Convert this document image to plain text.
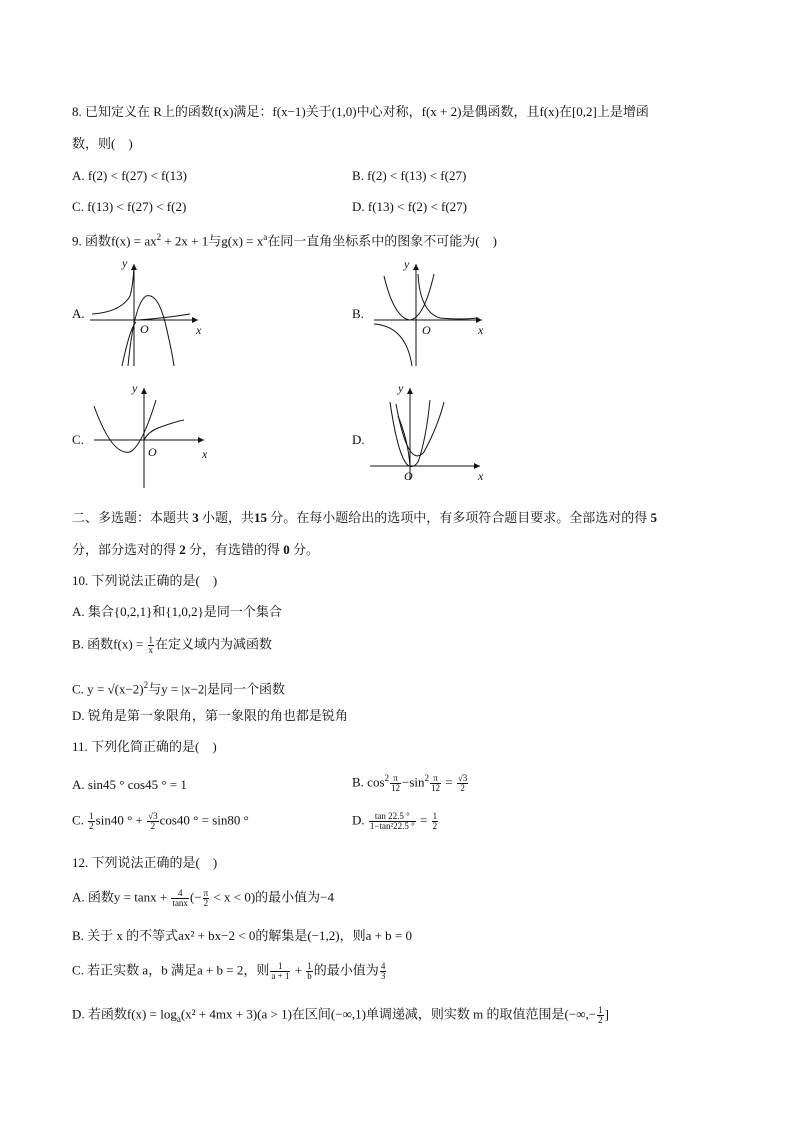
8. 已知定义在 R上的函数f(x)满足：f(x−1)关于(1,0)中心对称，f(x + 2)是偶函数，且f(x)在[0,2]上是增函
数，则(　)
A. f(2) < f(27) < f(13)	B. f(2) < f(13) < f(27)
C. f(13) < f(27) < f(2)	D. f(13) < f(2) < f(27)
9. 函数$f(x) = ax^2 + 2x + 1$与$g(x) = x^a$在同一直角坐标系中的图象不可能为(　)
A.
y
O	x
B.
y
O	x
C.
y
O	x
D.
y
O	x
二、多选题：本题共 3 小题，共15 分。在每小题给出的选项中，有多项符合题目要求。全部选对的得 5
分，部分选对的得 2 分，有选错的得 0 分。
10. 下列说法正确的是(　)
A. 集合{0,2,1}和{1,0,2}是同一个集合
B. 函数$f(x) = \frac{1}{x}$ 在定义域内为减函数
C. $y = √(x-2)^2$与y = |x−2|是同一个函数
D. 锐角是第一象限角，第一象限的角也都是锐角
11. 下列化简正确的是(　)
A. sin45 ° cos45 ° = 1	B. $\cos^2 \frac{\pi}{12} -\sin^2 \frac{\pi}{12} = \frac{√3}{2}$
C. $\frac{1}{2} \sin 40$ ° + $\frac{√3}{2} \cos 40$ ° = sin80 °	D. $\frac{\tan 22.5 ^\circ}{\text{1−tan²22.5 °}} = \frac{1}{2}$
12. 下列说法正确的是(　)
A. 函数$y = \tan x + \frac{4}{\tan x}$ (− $\frac{\pi}{2} < x < 0$)的最小值为−4
B. 关于 x 的不等式ax² + bx−2 < 0的解集是(−1,2)，则a + b = 0
C. 若正实数 a，b 满足a + b = 2，则 $\frac{1}{a + 1} + \frac{1}{b}$ 的最小值为 $\frac{4}{3}$
D. 若函数$f(x) = \log_a(x^2 + 4mx + 3)(a > 1)$在区间(−∞,1)单调递减，则实数 m 的取值范围是(−∞,− $\frac{1}{2}$ ]
